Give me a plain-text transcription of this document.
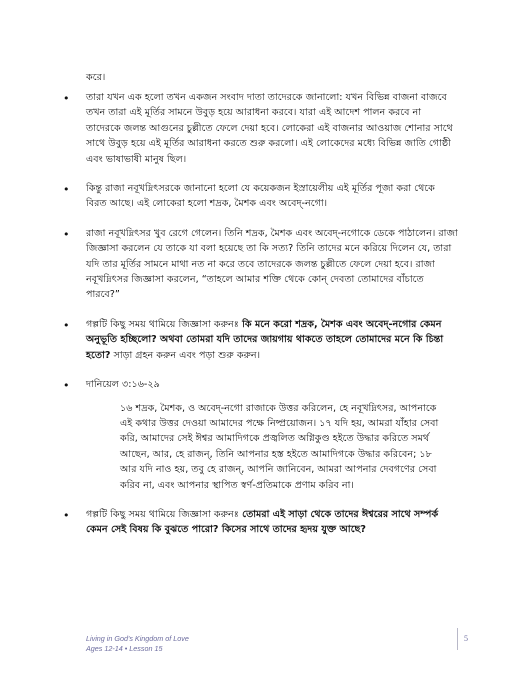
করে।
• তারা যখন এক হলো তখন একজন সংবাদ দাতা তাদেরকে জানালো: যখন বিভিন্ন বাজনা বাজবে তখন তারা এই মূর্তির সামনে উবুড় হয়ে আরাধনা করবে। যারা এই আদেশ পালন করবে না তাদেরকে জলন্ত আগুনের চুল্লীতে ফেলে দেয়া হবে। লোকেরা এই বাজনার আওয়াজ শোনার সাথে সাথে উবুড় হয়ে এই মূর্তির আরাধনা করতে শুরু করলো। এই লোকেদের মধ্যে বিভিন্ন জাতি গোষ্ঠী এবং ভাষাভাষী মানুষ ছিল।
• কিন্তু রাজা নবূখদ্নিৎসরকে জানানো হলো যে কয়েকজন ইস্রায়েলীয় এই মূর্তির পূজা করা থেকে বিরত আছে। এই লোকেরা হলো শদ্রক, মৈশক এবং অবেদ্‌-নগো।
• রাজা নবূখদ্নিৎসর খুব রেগে গেলেন। তিনি শদ্রক, মৈশক এবং অবেদ্‌-নগোকে ডেকে পাঠালেন। রাজা জিজ্ঞাসা করলেন যে তাকে যা বলা হয়েছে তা কি সত্য? তিনি তাদের মনে করিয়ে দিলেন যে, তারা যদি তার মূর্তির সামনে মাথা নত না করে তবে তাদেরকে জলন্ত চুল্লীতে ফেলে দেয়া হবে। রাজা নবূখদ্নিৎসর জিজ্ঞাসা করলেন, “তাহলে আমার শক্তি থেকে কোন্‌ দেবতা তোমাদের বাঁচাতে পারবে?”
• গল্পটি কিছু সময় থামিয়ে জিজ্ঞাসা করুনঃ কি মনে করো শদ্রক, মৈশক এবং অবেদ্‌-নগোর কেমন অনুভূতি হচ্ছিলো? অথবা তোমরা যদি তাদের জায়গায় থাকতে তাহলে তোমাদের মনে কি চিন্তা হতো? সাড়া গ্রহন করুন এবং পড়া শুরু করুন।
• দানিয়েল ৩:১৬-২৯
১৬ শদ্রক, মৈশক, ও অবেদ্‌-নগো রাজাকে উত্তর করিলেন, হে নবূখদ্নিৎসর, আপনাকে এই কথার উত্তর দেওয়া আমাদের পক্ষে নিষ্প্রয়োজন। ১৭ যদি হয়, আমরা যাঁহার সেবা করি, আমাদের সেই ঈশ্বর আমাদিগকে প্রজ্বলিত অগ্নিকুণ্ড হইতে উদ্ধার করিতে সমর্থ আছেন, আর, হে রাজন্‌, তিনি আপনার হস্ত হইতে আমাদিগকে উদ্ধার করিবেন; ১৮ আর যদি নাও হয়, তবু হে রাজন্‌, আপনি জানিবেন, আমরা আপনার দেবগণের সেবা করিব না, এবং আপনার স্থাপিত স্বর্ণ-প্রতিমাকে প্রণাম করিব না।
• গল্পটি কিছু সময় থামিয়ে জিজ্ঞাসা করুনঃ তোমরা এই সাড়া থেকে তাদের ঈশ্বরের সাথে সম্পর্ক কেমন সেই বিষয় কি বুঝতে পারো? কিসের সাথে তাদের হৃদয় যুক্ত আছে?
Living in God's Kingdom of Love
Ages 12-14 • Lesson 15
5
